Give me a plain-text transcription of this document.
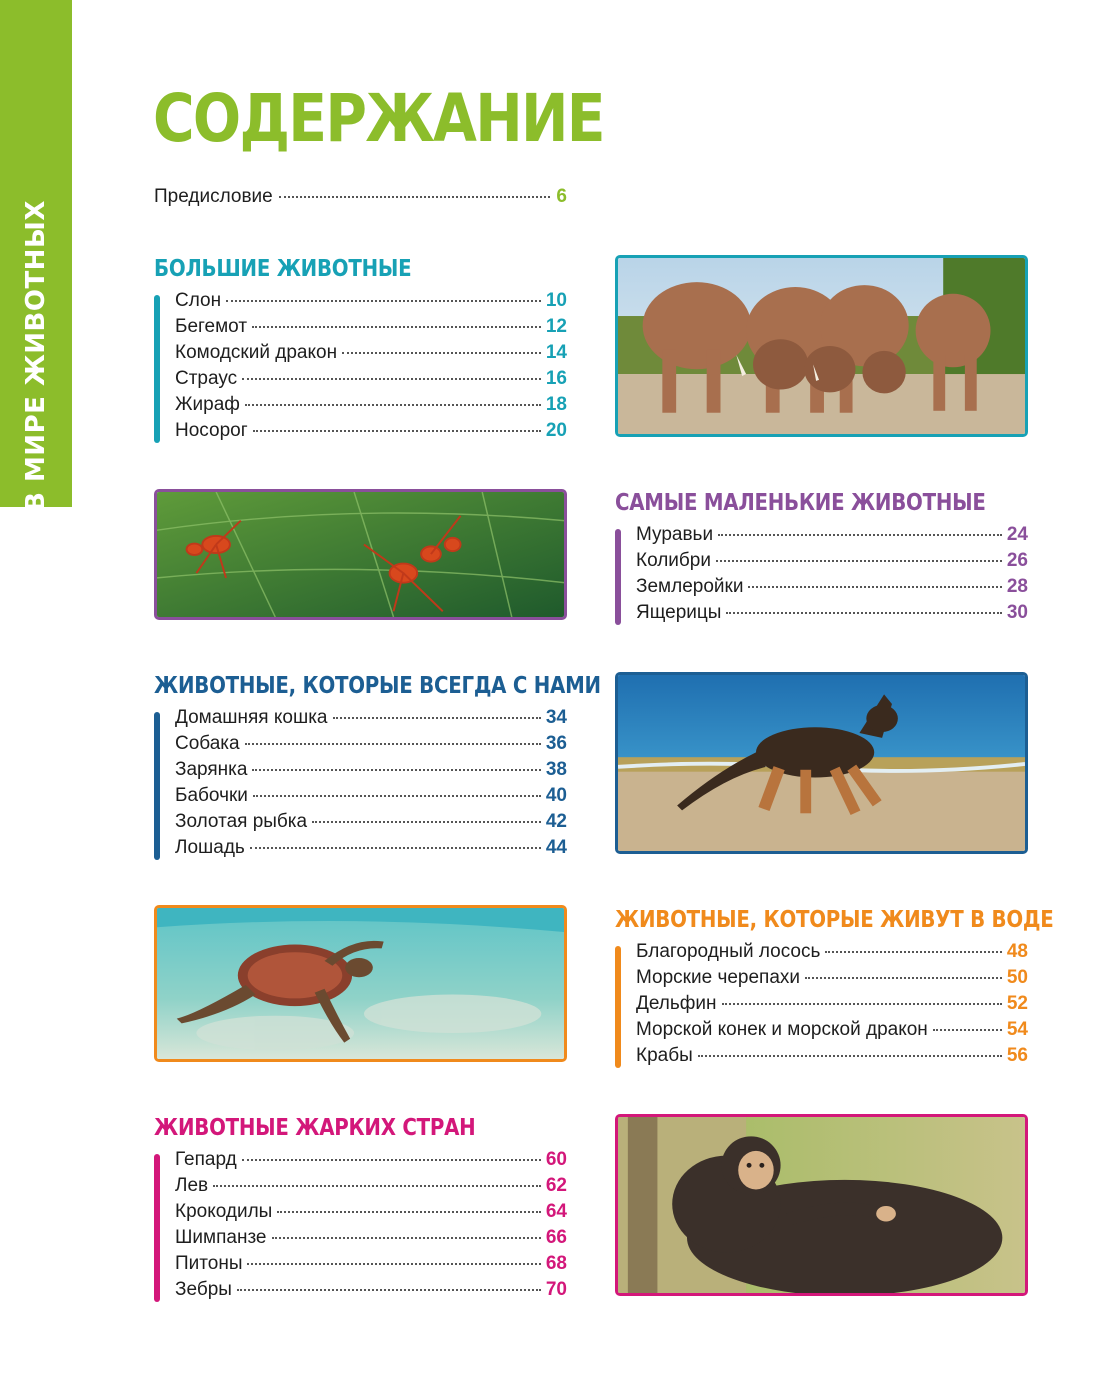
В МИРЕ ЖИВОТНЫХ
СОДЕРЖАНИЕ
Предисловие	6
БОЛЬШИЕ ЖИВОТНЫЕ
Слон	10
Бегемот	12
Комодский дракон	14
Страус	16
Жираф	18
Носорог	20
САМЫЕ МАЛЕНЬКИЕ ЖИВОТНЫЕ
Муравьи	24
Колибри	26
Землеройки	28
Ящерицы	30
ЖИВОТНЫЕ, КОТОРЫЕ ВСЕГДА С НАМИ
Домашняя кошка	34
Собака	36
Зарянка	38
Бабочки	40
Золотая рыбка	42
Лошадь	44
ЖИВОТНЫЕ, КОТОРЫЕ ЖИВУТ В ВОДЕ
Благородный лосось	48
Морские черепахи	50
Дельфин	52
Морской конек и морской дракон	54
Крабы	56
ЖИВОТНЫЕ ЖАРКИХ СТРАН
Гепард	60
Лев	62
Крокодилы	64
Шимпанзе	66
Питоны	68
Зебры	70
